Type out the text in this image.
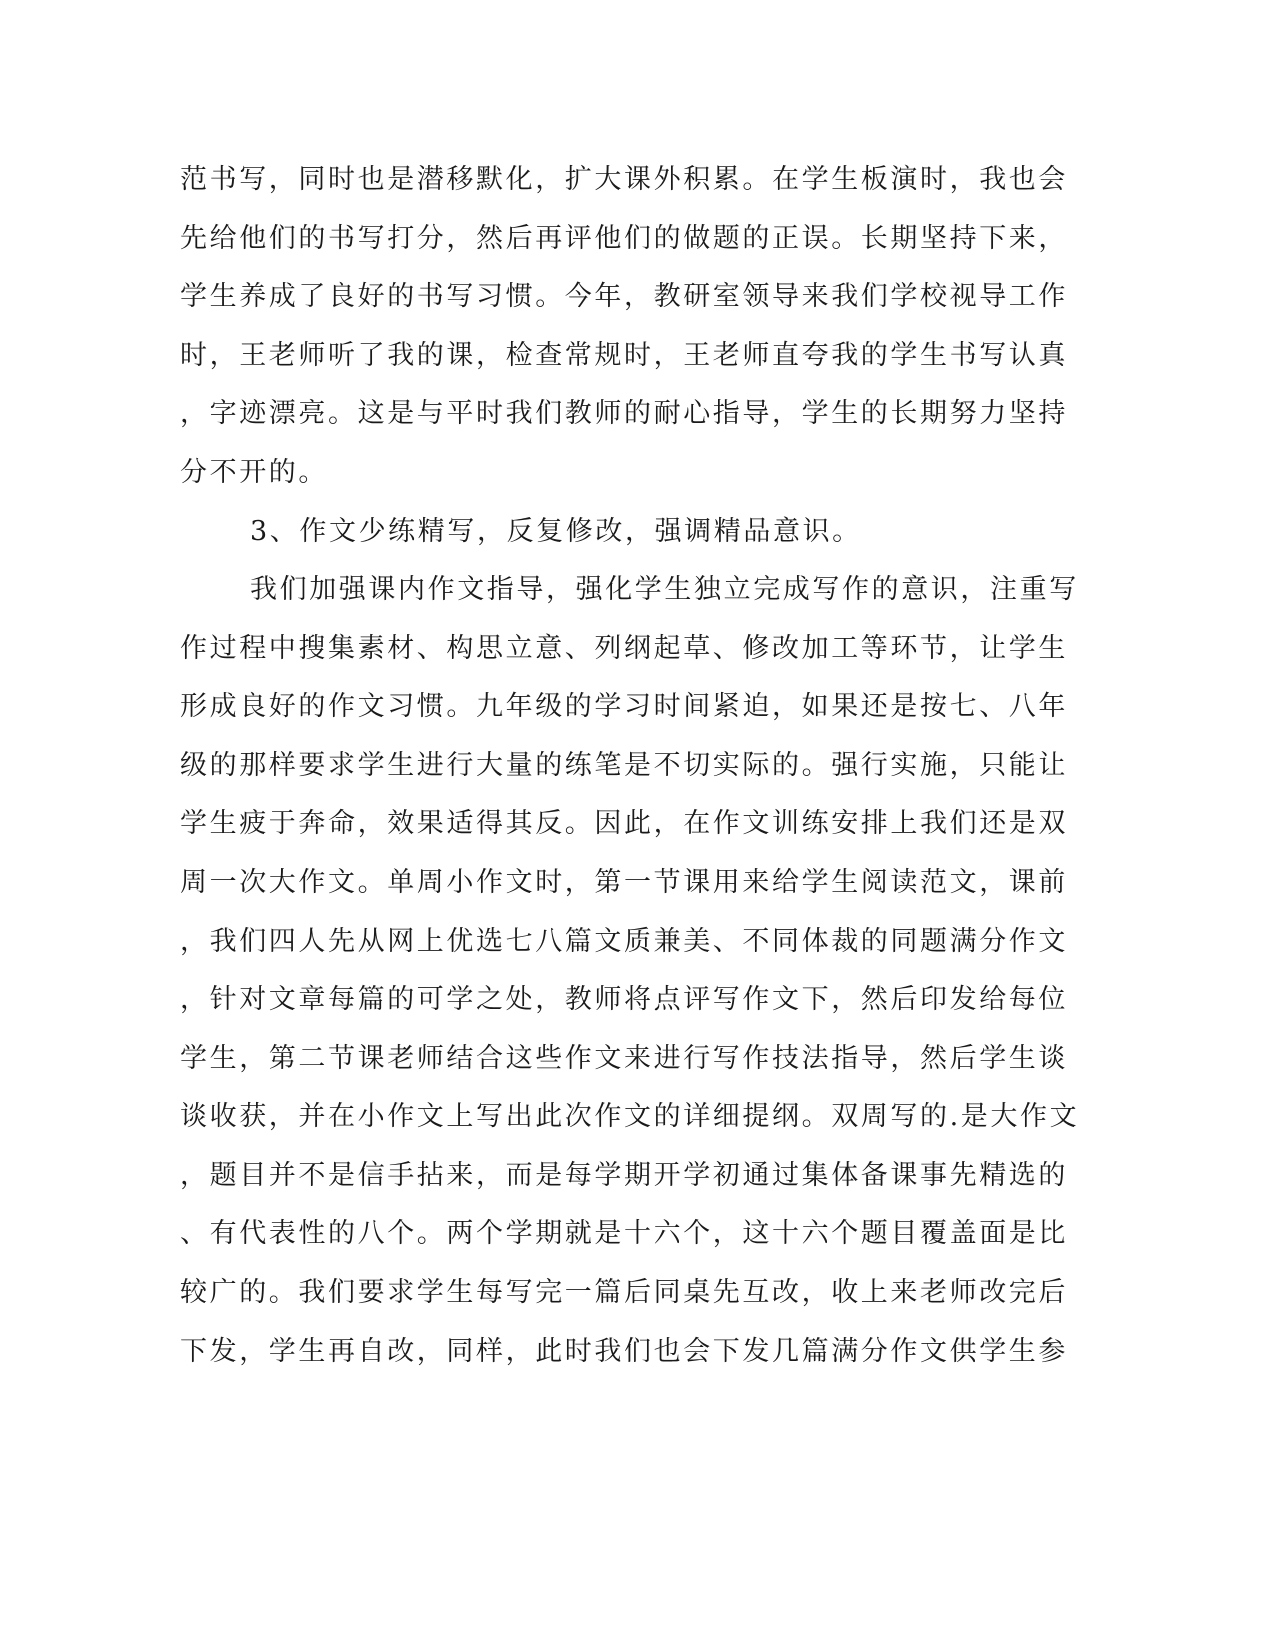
范书写，同时也是潜移默化，扩大课外积累。在学生板演时，我也会
先给他们的书写打分，然后再评他们的做题的正误。长期坚持下来，
学生养成了良好的书写习惯。今年，教研室领导来我们学校视导工作
时，王老师听了我的课，检查常规时，王老师直夸我的学生书写认真
，字迹漂亮。这是与平时我们教师的耐心指导，学生的长期努力坚持
分不开的。
3、作文少练精写，反复修改，强调精品意识。
我们加强课内作文指导，强化学生独立完成写作的意识，注重写
作过程中搜集素材、构思立意、列纲起草、修改加工等环节，让学生
形成良好的作文习惯。九年级的学习时间紧迫，如果还是按七、八年
级的那样要求学生进行大量的练笔是不切实际的。强行实施，只能让
学生疲于奔命，效果适得其反。因此，在作文训练安排上我们还是双
周一次大作文。单周小作文时，第一节课用来给学生阅读范文，课前
，我们四人先从网上优选七八篇文质兼美、不同体裁的同题满分作文
，针对文章每篇的可学之处，教师将点评写作文下，然后印发给每位
学生，第二节课老师结合这些作文来进行写作技法指导，然后学生谈
谈收获，并在小作文上写出此次作文的详细提纲。双周写的.是大作文
，题目并不是信手拈来，而是每学期开学初通过集体备课事先精选的
、有代表性的八个。两个学期就是十六个，这十六个题目覆盖面是比
较广的。我们要求学生每写完一篇后同桌先互改，收上来老师改完后
下发，学生再自改，同样，此时我们也会下发几篇满分作文供学生参
